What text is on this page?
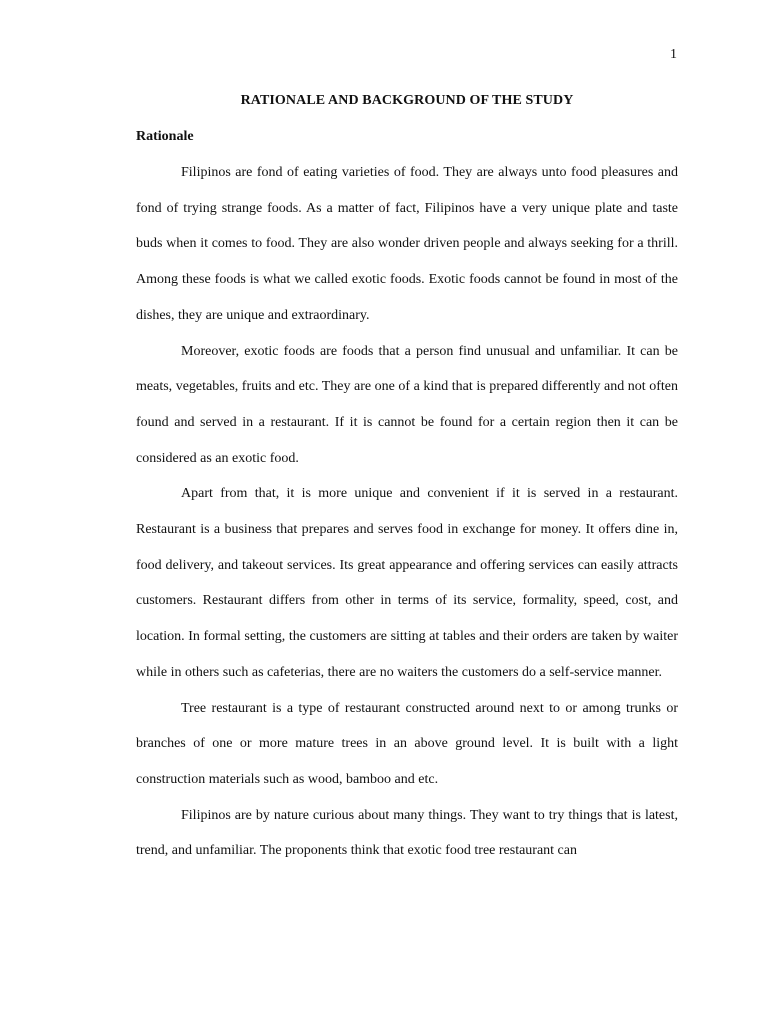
1
RATIONALE AND BACKGROUND OF THE STUDY
Rationale

Filipinos are fond of eating varieties of food. They are always unto food pleasures and fond of trying strange foods. As a matter of fact, Filipinos have a very unique plate and taste buds when it comes to food. They are also wonder driven people and always seeking for a thrill. Among these foods is what we called exotic foods. Exotic foods cannot be found in most of the dishes, they are unique and extraordinary.

Moreover, exotic foods are foods that a person find unusual and unfamiliar. It can be meats, vegetables, fruits and etc. They are one of a kind that is prepared differently and not often found and served in a restaurant. If it is cannot be found for a certain region then it can be considered as an exotic food.

Apart from that, it is more unique and convenient if it is served in a restaurant. Restaurant is a business that prepares and serves food in exchange for money. It offers dine in, food delivery, and takeout services. Its great appearance and offering services can easily attracts customers. Restaurant differs from other in terms of its service, formality, speed, cost, and location. In formal setting, the customers are sitting at tables and their orders are taken by waiter while in others such as cafeterias, there are no waiters the customers do a self-service manner.

Tree restaurant is a type of restaurant constructed around next to or among trunks or branches of one or more mature trees in an above ground level. It is built with a light construction materials such as wood, bamboo and etc.

Filipinos are by nature curious about many things. They want to try things that is latest, trend, and unfamiliar. The proponents think that exotic food tree restaurant can
